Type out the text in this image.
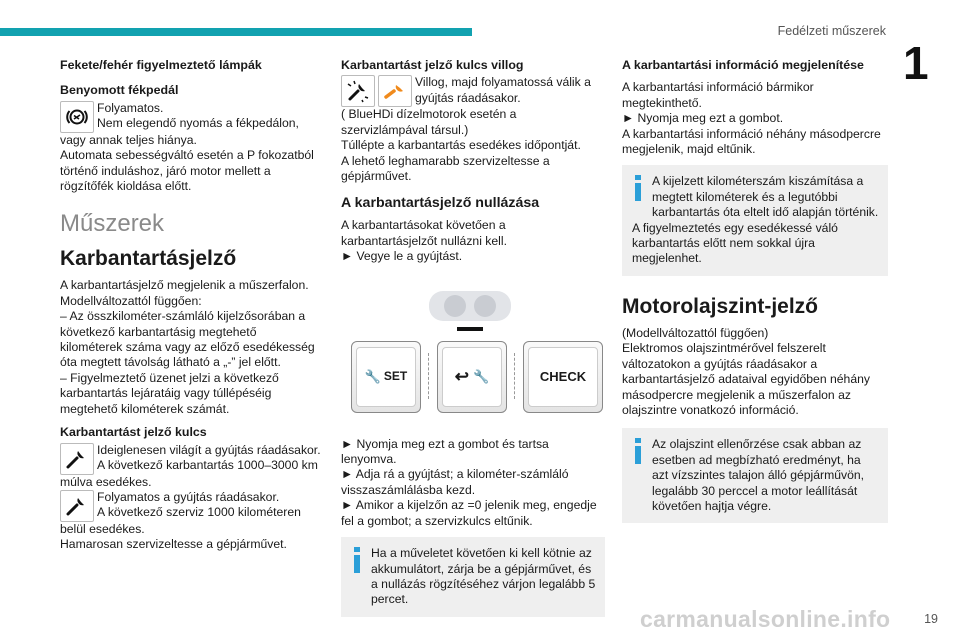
Fedélzeti műszerek
1
19
carmanualsonline.info
Fekete/fehér figyelmeztető lámpák
Benyomott fékpedál

Folyamatos.

Nem elegendő nyomás a fékpedálon,

vagy annak teljes hiánya.

Automata sebességváltó esetén a P fokozatból történő induláshoz, járó motor mellett a rögzítőfék kioldása előtt.

Műszerek
Karbantartásjelző

A karbantartásjelző megjelenik a műszerfalon.

Modellváltozattól függően:

– Az összkilométer-számláló kijelzősorában a következő karbantartásig megtehető kilométerek száma vagy az előző esedékesség óta megtett távolság látható a „-” jel előtt.

– Figyelmeztető üzenet jelzi a következő karbantartás lejáratáig vagy túllépéséig megtehető kilométerek számát.

Karbantartást jelző kulcs

Ideiglenesen világít a gyújtás ráadásakor.

A következő karbantartás 1000–3000 km

múlva esedékes.

Folyamatos a gyújtás ráadásakor.

A következő szerviz 1000 kilométeren

belül esedékes.

Hamarosan szervizeltesse a gépjárművet.

Karbantartást jelző kulcs villog

Villog, majd folyamatossá válik a

gyújtás ráadásakor.

( BlueHDi dízelmotorok esetén a szervizlámpával társul.)

Túllépte a karbantartás esedékes időpontját.

A lehető leghamarabb szervizeltesse a gépjárművet.

A karbantartásjelző nullázása

A karbantartásokat követően a karbantartásjelzőt nullázni kell.

► Vegye le a gyújtást.

🔧 SET	↩ 🔧	CHECK

► Nyomja meg ezt a gombot és tartsa lenyomva.

► Adja rá a gyújtást; a kilométer-számláló visszaszámlálásba kezd.

► Amikor a kijelzőn az =0 jelenik meg, engedje fel a gombot; a szervizkulcs eltűnik.

Ha a műveletet követően ki kell kötnie az akkumulátort, zárja be a gépjárművet, és a nullázás rögzítéséhez várjon legalább 5 percet.

A karbantartási információ megjelenítése

A karbantartási információ bármikor megtekinthető.

► Nyomja meg ezt a gombot.

A karbantartási információ néhány másodpercre megjelenik, majd eltűnik.

A kijelzett kilométerszám kiszámítása a megtett kilométerek és a legutóbbi karbantartás óta eltelt idő alapján történik.

A figyelmeztetés egy esedékessé váló karbantartás előtt nem sokkal újra megjelenhet.

Motorolajszint-jelző

(Modellváltozattól függően)

Elektromos olajszintmérővel felszerelt változatokon a gyújtás ráadásakor a karbantartásjelző adataival egyidőben néhány másodpercre megjelenik a műszerfalon az olajszintre vonatkozó információ.

Az olajszint ellenőrzése csak abban az esetben ad megbízható eredményt, ha azt vízszintes talajon álló gépjárművön, legalább 30 perccel a motor leállítását követően hajtja végre.
